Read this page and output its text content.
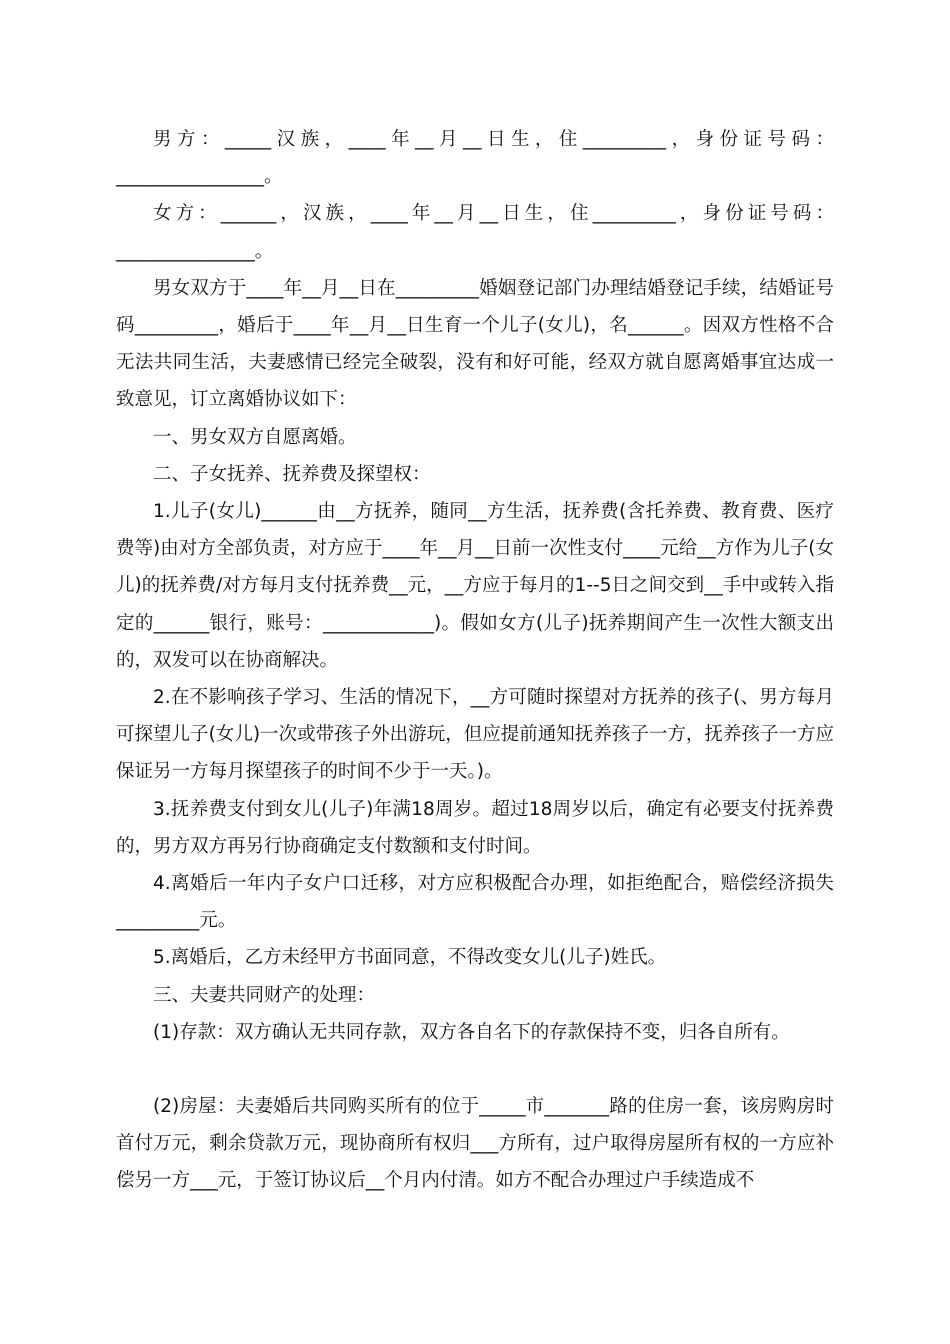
男方：_____汉族，____年__月__日生，住_________，身份证号码：________________。

女方：______，汉族，____年__月__日生，住_________，身份证号码：_______________。

男女双方于____年__月__日在_________婚姻登记部门办理结婚登记手续，结婚证号码_________，婚后于____年__月__日生育一个儿子(女儿)，名______。因双方性格不合无法共同生活，夫妻感情已经完全破裂，没有和好可能，经双方就自愿离婚事宜达成一致意见，订立离婚协议如下：

一、男女双方自愿离婚。

二、子女抚养、抚养费及探望权：

1.儿子(女儿)______由__方抚养，随同__方生活，抚养费(含托养费、教育费、医疗费等)由对方全部负责，对方应于____年__月__日前一次性支付____元给__方作为儿子(女儿)的抚养费/对方每月支付抚养费__元，__方应于每月的1--5日之间交到__手中或转入指定的______银行，账号：____________)。假如女方(儿子)抚养期间产生一次性大额支出的，双发可以在协商解决。

2.在不影响孩子学习、生活的情况下，__方可随时探望对方抚养的孩子(、男方每月可探望儿子(女儿)一次或带孩子外出游玩，但应提前通知抚养孩子一方，抚养孩子一方应保证另一方每月探望孩子的时间不少于一天。)。

3.抚养费支付到女儿(儿子)年满18周岁。超过18周岁以后，确定有必要支付抚养费的，男方双方再另行协商确定支付数额和支付时间。

4.离婚后一年内子女户口迁移，对方应积极配合办理，如拒绝配合，赔偿经济损失_________元。

5.离婚后，乙方未经甲方书面同意，不得改变女儿(儿子)姓氏。

三、夫妻共同财产的处理：

(1)存款：双方确认无共同存款，双方各自名下的存款保持不变，归各自所有。

(2)房屋：夫妻婚后共同购买所有的位于_____市_______路的住房一套，该房购房时首付万元，剩余贷款万元，现协商所有权归___方所有，过户取得房屋所有权的一方应补偿另一方___元，于签订协议后__个月内付清。如方不配合办理过户手续造成不
